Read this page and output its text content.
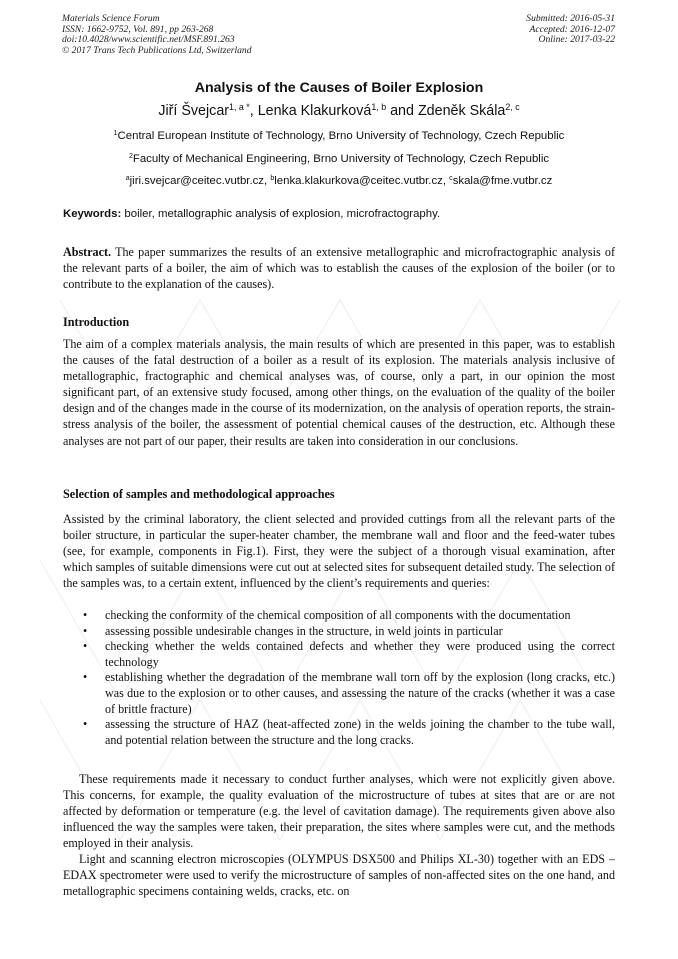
Materials Science Forum
ISSN: 1662-9752, Vol. 891, pp 263-268
doi:10.4028/www.scientific.net/MSF.891.263
© 2017 Trans Tech Publications Ltd, Switzerland
Submitted: 2016-05-31
Accepted: 2016-12-07
Online: 2017-03-22
Analysis of the Causes of Boiler Explosion
Jiří Švejcar$^{1, a *}$, Lenka Klakurková$^{1, b}$ and Zdeněk Skála$^{2, c}$
$^1$Central European Institute of Technology, Brno University of Technology, Czech Republic
$^2$Faculty of Mechanical Engineering, Brno University of Technology, Czech Republic
$^a$jiri.svejcar@ceitec.vutbr.cz, $^b$lenka.klakurkova@ceitec.vutbr.cz, $^c$skala@fme.vutbr.cz
Keywords: boiler, metallographic analysis of explosion, microfractography.
Abstract. The paper summarizes the results of an extensive metallographic and microfractographic analysis of the relevant parts of a boiler, the aim of which was to establish the causes of the explosion of the boiler (or to contribute to the explanation of the causes).
Introduction

The aim of a complex materials analysis, the main results of which are presented in this paper, was to establish the causes of the fatal destruction of a boiler as a result of its explosion. The materials analysis inclusive of metallographic, fractographic and chemical analyses was, of course, only a part, in our opinion the most significant part, of an extensive study focused, among other things, on the evaluation of the quality of the boiler design and of the changes made in the course of its modernization, on the analysis of operation reports, the strain-stress analysis of the boiler, the assessment of potential chemical causes of the destruction, etc. Although these analyses are not part of our paper, their results are taken into consideration in our conclusions.

Selection of samples and methodological approaches

Assisted by the criminal laboratory, the client selected and provided cuttings from all the relevant parts of the boiler structure, in particular the super-heater chamber, the membrane wall and floor and the feed-water tubes (see, for example, components in Fig.1). First, they were the subject of a thorough visual examination, after which samples of suitable dimensions were cut out at selected sites for subsequent detailed study. The selection of the samples was, to a certain extent, influenced by the client’s requirements and queries:

• checking the conformity of the chemical composition of all components with the documentation
• assessing possible undesirable changes in the structure, in weld joints in particular
• checking whether the welds contained defects and whether they were produced using the correct technology
• establishing whether the degradation of the membrane wall torn off by the explosion (long cracks, etc.) was due to the explosion or to other causes, and assessing the nature of the cracks (whether it was a case of brittle fracture)
• assessing the structure of HAZ (heat-affected zone) in the welds joining the chamber to the tube wall, and potential relation between the structure and the long cracks.

These requirements made it necessary to conduct further analyses, which were not explicitly given above. This concerns, for example, the quality evaluation of the microstructure of tubes at sites that are or are not affected by deformation or temperature (e.g. the level of cavitation damage). The requirements given above also influenced the way the samples were taken, their preparation, the sites where samples were cut, and the methods employed in their analysis.

Light and scanning electron microscopies (OLYMPUS DSX500 and Philips XL-30) together with an EDS –EDAX spectrometer were used to verify the microstructure of samples of non-affected sites on the one hand, and metallographic specimens containing welds, cracks, etc. on
